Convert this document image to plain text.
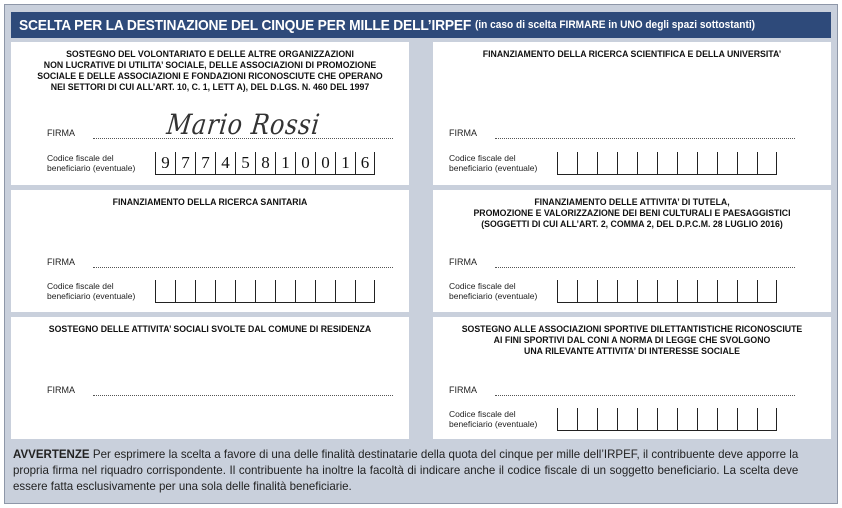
SCELTA PER LA DESTINAZIONE DEL CINQUE PER MILLE DELL’IRPEF (in caso di scelta FIRMARE in UNO degli spazi sottostanti)
SOSTEGNO DEL VOLONTARIATO E DELLE ALTRE ORGANIZZAZIONI
NON LUCRATIVE DI UTILITA’ SOCIALE, DELLE ASSOCIAZIONI DI PROMOZIONE
SOCIALE E DELLE ASSOCIAZIONI E FONDAZIONI RICONOSCIUTE CHE OPERANO
NEI SETTORI DI CUI ALL’ART. 10, C. 1, LETT A), DEL D.LGS. N. 460 DEL 1997
FIRMA	Mario Rossi
Codice fiscale del
beneficiario (eventuale)	9 7 7 4 5 8 1 0 0 1 6
FINANZIAMENTO DELLA RICERCA SCIENTIFICA E DELLA UNIVERSITA’
FIRMA
Codice fiscale del
beneficiario (eventuale)
FINANZIAMENTO DELLA RICERCA SANITARIA
FIRMA
Codice fiscale del
beneficiario (eventuale)
FINANZIAMENTO DELLE ATTIVITA’ DI TUTELA,
PROMOZIONE E VALORIZZAZIONE DEI BENI CULTURALI E PAESAGGISTICI
(SOGGETTI DI CUI ALL’ART. 2, COMMA 2, DEL D.P.C.M. 28 LUGLIO 2016)
FIRMA
Codice fiscale del
beneficiario (eventuale)
SOSTEGNO DELLE ATTIVITA’ SOCIALI SVOLTE DAL COMUNE DI RESIDENZA
FIRMA
SOSTEGNO ALLE ASSOCIAZIONI SPORTIVE DILETTANTISTICHE RICONOSCIUTE
AI FINI SPORTIVI DAL CONI A NORMA DI LEGGE CHE SVOLGONO
UNA RILEVANTE ATTIVITA’ DI INTERESSE SOCIALE
FIRMA
Codice fiscale del
beneficiario (eventuale)
AVVERTENZE Per esprimere la scelta a favore di una delle finalità destinatarie della quota del cinque per mille dell’IRPEF, il contribuente deve apporre la propria firma nel riquadro corrispondente. Il contribuente ha inoltre la facoltà di indicare anche il codice fiscale di un soggetto beneficiario. La scelta deve essere fatta esclusivamente per una sola delle finalità beneficiarie.
